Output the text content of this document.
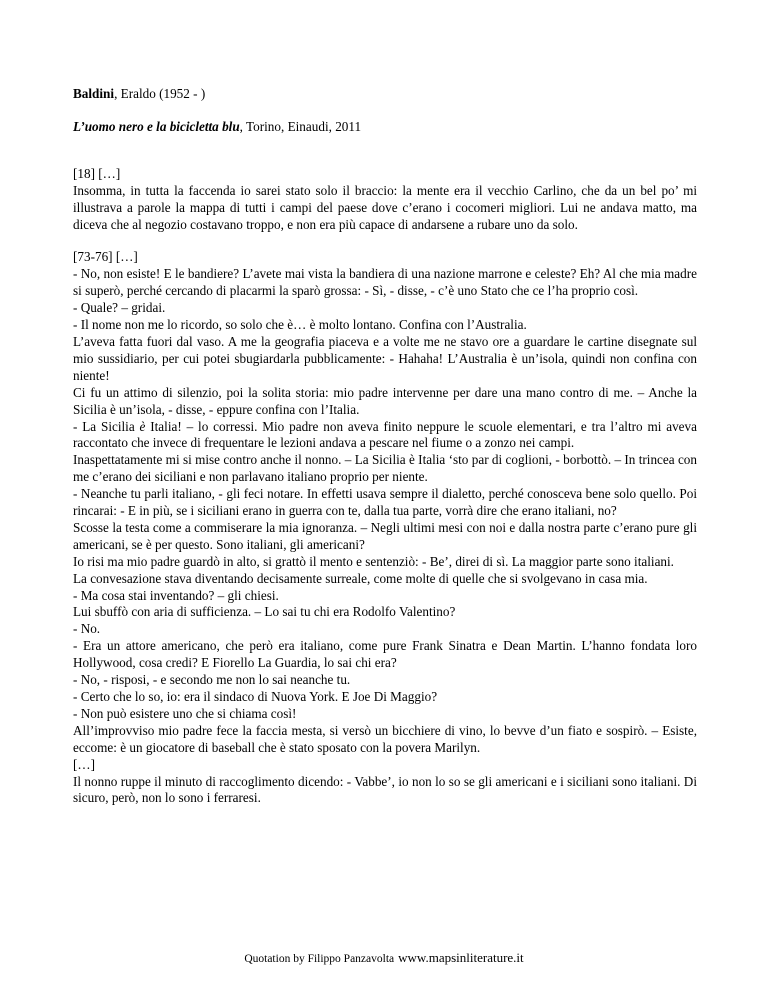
Baldini, Eraldo (1952 - )

L’uomo nero e la bicicletta blu, Torino, Einaudi, 2011

[18] […]

Insomma, in tutta la faccenda io sarei stato solo il braccio: la mente era il vecchio Carlino, che da un bel po’ mi illustrava a parole la mappa di tutti i campi del paese dove c’erano i cocomeri migliori. Lui ne andava matto, ma diceva che al negozio costavano troppo, e non era più capace di andarsene a rubare uno da solo.

[73-76] […]

- No, non esiste! E le bandiere? L’avete mai vista la bandiera di una nazione marrone e celeste? Eh? Al che mia madre si superò, perché cercando di placarmi la sparò grossa: - Sì, - disse, - c’è uno Stato che ce l’ha proprio così.

- Quale? – gridai.

- Il nome non me lo ricordo, so solo che è… è molto lontano. Confina con l’Australia.

L’aveva fatta fuori dal vaso. A me la geografia piaceva e a volte me ne stavo ore a guardare le cartine disegnate sul mio sussidiario, per cui potei sbugiardarla pubblicamente: - Hahaha! L’Australia è un’isola, quindi non confina con niente!

Ci fu un attimo di silenzio, poi la solita storia: mio padre intervenne per dare una mano contro di me. – Anche la Sicilia è un’isola, - disse, - eppure confina con l’Italia.

- La Sicilia è Italia! – lo corressi. Mio padre non aveva finito neppure le scuole elementari, e tra l’altro mi aveva raccontato che invece di frequentare le lezioni andava a pescare nel fiume o a zonzo nei campi.

Inaspettatamente mi si mise contro anche il nonno. – La Sicilia è Italia ‘sto par di coglioni, - borbottò. – In trincea con me c’erano dei siciliani e non parlavano italiano proprio per niente.

- Neanche tu parli italiano, - gli feci notare. In effetti usava sempre il dialetto, perché conosceva bene solo quello. Poi rincarai: - E in più, se i siciliani erano in guerra con te, dalla tua parte, vorrà dire che erano italiani, no?

Scosse la testa come a commiserare la mia ignoranza. – Negli ultimi mesi con noi e dalla nostra parte c’erano pure gli americani, se è per questo. Sono italiani, gli americani?

Io risi ma mio padre guardò in alto, si grattò il mento e sentenziò: - Be’, direi di sì. La maggior parte sono italiani.

La convesazione stava diventando decisamente surreale, come molte di quelle che si svolgevano in casa mia.

- Ma cosa stai inventando? – gli chiesi.

Lui sbuffò con aria di sufficienza. – Lo sai tu chi era Rodolfo Valentino?

- No.

- Era un attore americano, che però era italiano, come pure Frank Sinatra e Dean Martin. L’hanno fondata loro Hollywood, cosa credi? E Fiorello La Guardia, lo sai chi era?

- No, - risposi, - e secondo me non lo sai neanche tu.

- Certo che lo so, io: era il sindaco di Nuova York. E Joe Di Maggio?

- Non può esistere uno che si chiama così!

All’improvviso mio padre fece la faccia mesta, si versò un bicchiere di vino, lo bevve d’un fiato e sospirò. – Esiste, eccome: è un giocatore di baseball che è stato sposato con la povera Marilyn.

[…]

Il nonno ruppe il minuto di raccoglimento dicendo: - Vabbe’, io non lo so se gli americani e i siciliani sono italiani. Di sicuro, però, non lo sono i ferraresi.

Quotation by Filippo Panzavolta www.mapsinliterature.it
